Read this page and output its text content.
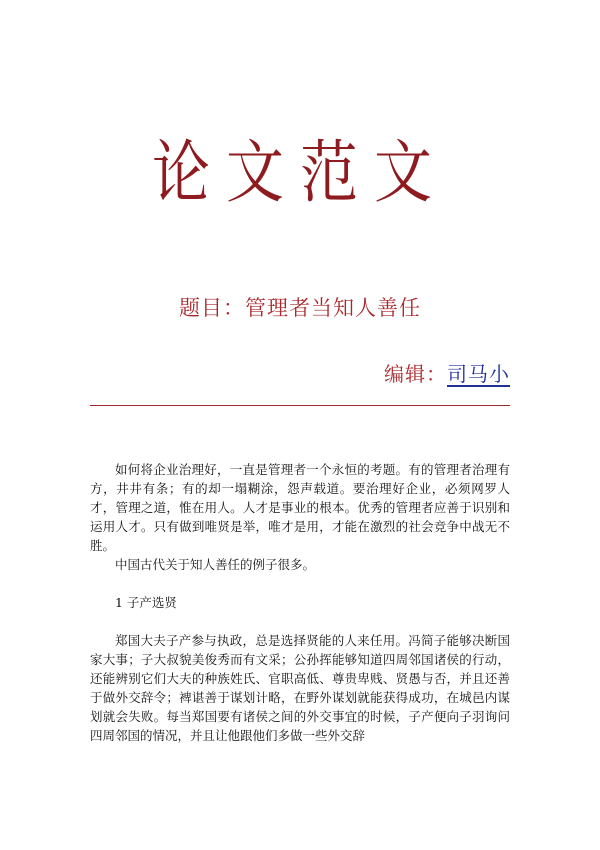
论文范文
题目：管理者当知人善任
编辑：司马小

如何将企业治理好，一直是管理者一个永恒的考题。有的管理者治理有方，井井有条；有的却一塌糊涂，怨声载道。要治理好企业，必须网罗人才，管理之道，惟在用人。人才是事业的根本。优秀的管理者应善于识别和运用人才。只有做到唯贤是举，唯才是用，才能在激烈的社会竞争中战无不胜。

中国古代关于知人善任的例子很多。

1 子产选贤

郑国大夫子产参与执政，总是选择贤能的人来任用。冯简子能够决断国家大事；子大叔貌美俊秀而有文采；公孙挥能够知道四周邻国诸侯的行动，还能辨别它们大夫的种族姓氏、官职高低、尊贵卑贱、贤愚与否，并且还善于做外交辞令；裨谌善于谋划计略，在野外谋划就能获得成功，在城邑内谋划就会失败。每当郑国要有诸侯之间的外交事宜的时候，子产便向子羽询问四周邻国的情况，并且让他跟他们多做一些外交辞
